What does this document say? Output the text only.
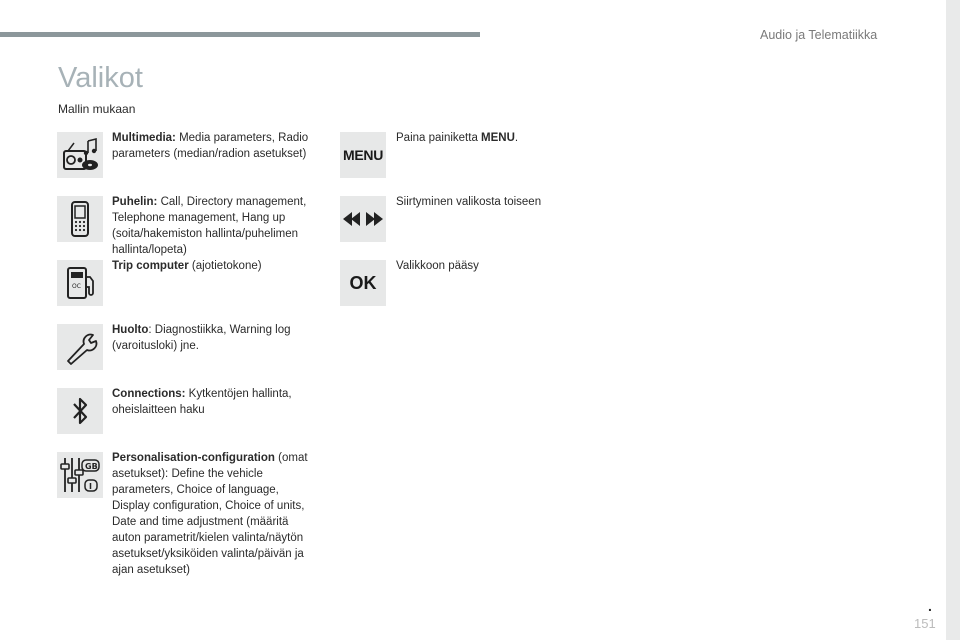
Audio ja Telematiikka
Valikot
Mallin mukaan
Multimedia: Media parameters, Radio parameters (median/radion asetukset)
Puhelin: Call, Directory management, Telephone management, Hang up (soita/hakemiston hallinta/puhelimen hallinta/lopeta)
OC
Trip computer (ajotietokone)
Huolto: Diagnostiikka, Warning log (varoitusloki) jne.
Connections: Kytkentöjen hallinta, oheislaitteen haku
GB
I
Personalisation-configuration (omat asetukset): Define the vehicle parameters, Choice of language, Display configuration, Choice of units, Date and time adjustment (määritä auton parametrit/kielen valinta/näytön asetukset/yksiköiden valinta/päivän ja ajan asetukset)
MENU
Paina painiketta MENU.
Siirtyminen valikosta toiseen
OK
Valikkoon pääsy
.
151
